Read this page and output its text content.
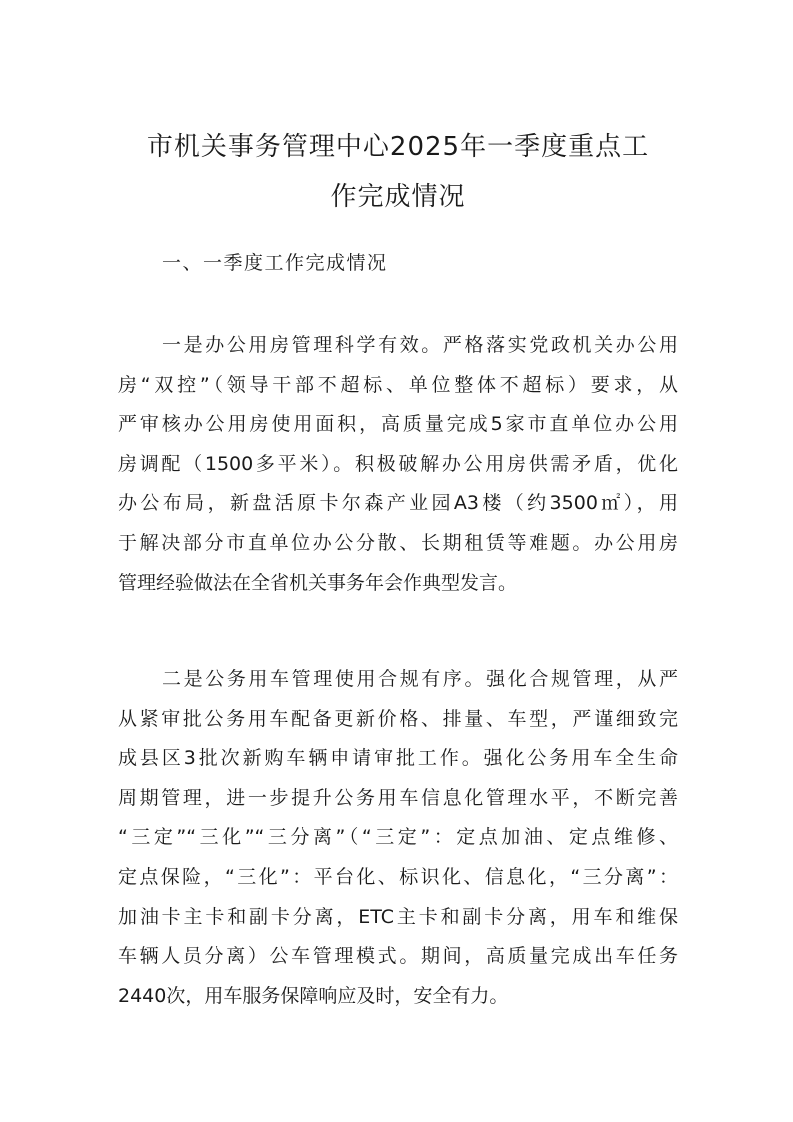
市机关事务管理中心2025年一季度重点工
作完成情况
一、一季度工作完成情况
一是办公用房管理科学有效。严格落实党政机关办公用
房“双控”（领导干部不超标、单位整体不超标）要求，从
严审核办公用房使用面积，高质量完成5家市直单位办公用
房调配（1500多平米）。积极破解办公用房供需矛盾，优化
办公布局，新盘活原卡尔森产业园A3楼（约3500㎡），用
于解决部分市直单位办公分散、长期租赁等难题。办公用房
管理经验做法在全省机关事务年会作典型发言。
二是公务用车管理使用合规有序。强化合规管理，从严
从紧审批公务用车配备更新价格、排量、车型，严谨细致完
成县区3批次新购车辆申请审批工作。强化公务用车全生命
周期管理，进一步提升公务用车信息化管理水平，不断完善
“三定”“三化”“三分离”（“三定”：定点加油、定点维修、
定点保险，“三化”：平台化、标识化、信息化，“三分离”：
加油卡主卡和副卡分离，ETC主卡和副卡分离，用车和维保
车辆人员分离）公车管理模式。期间，高质量完成出车任务
2440次，用车服务保障响应及时，安全有力。
